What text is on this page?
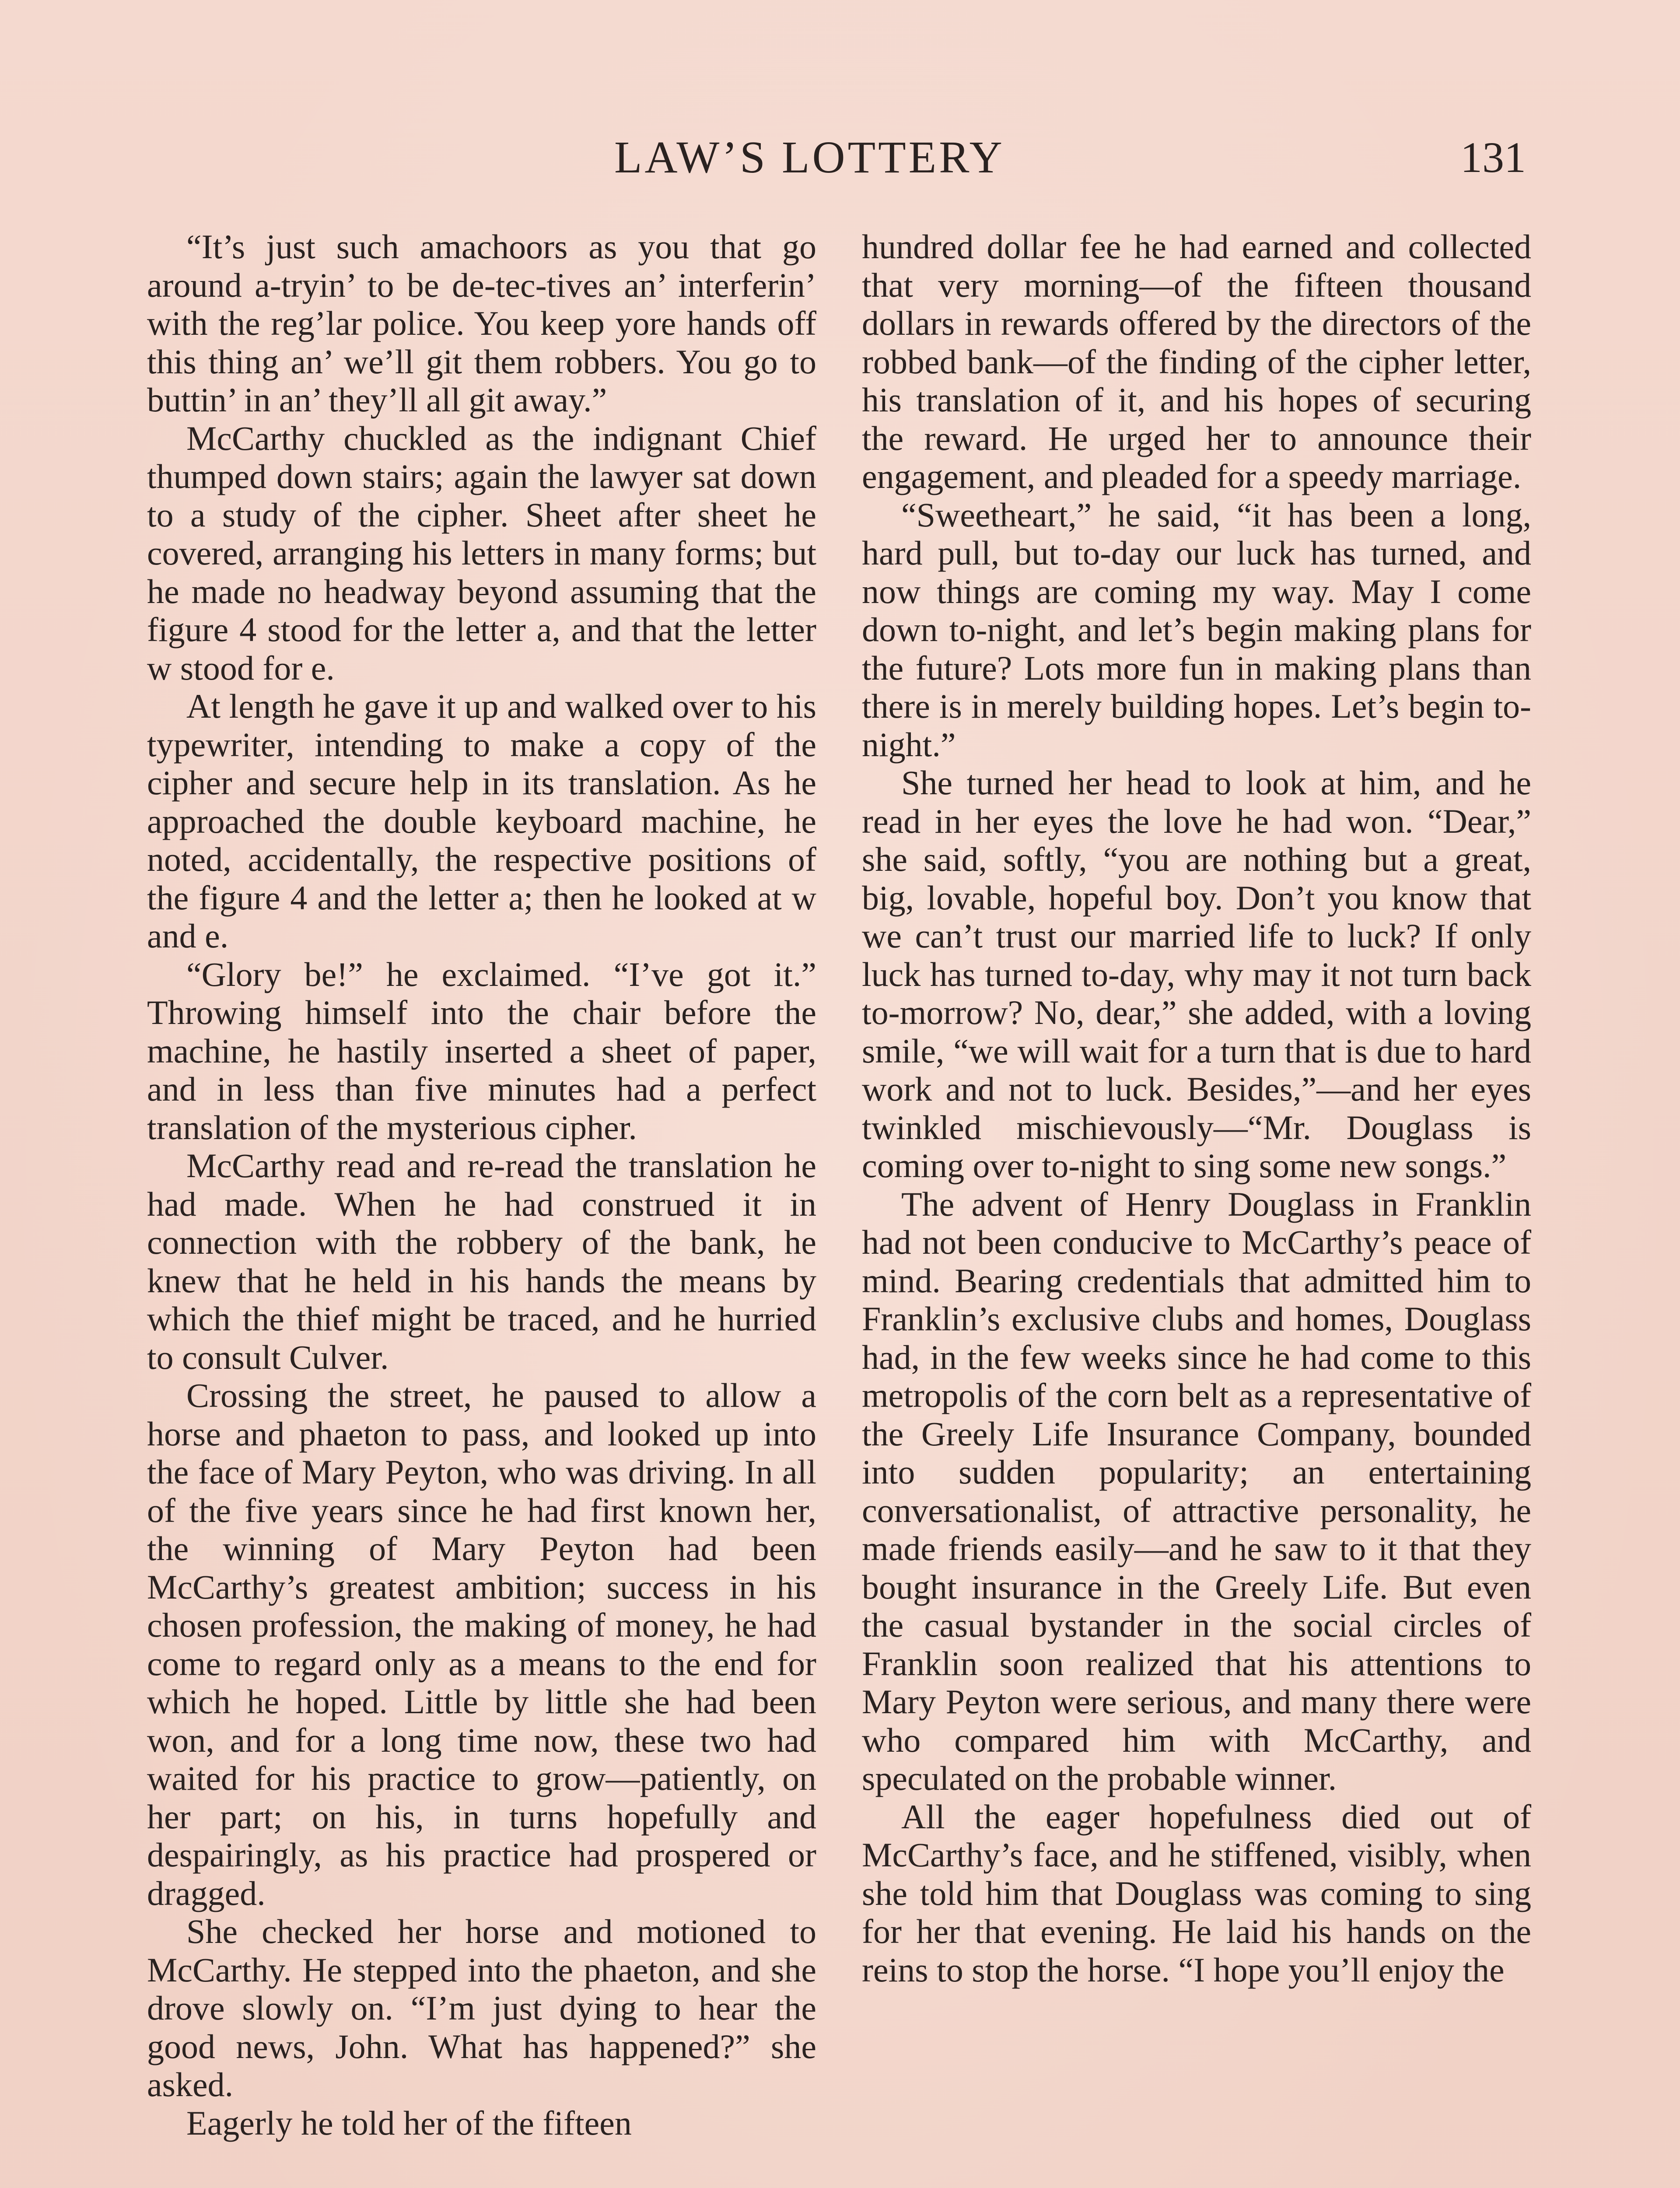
LAW’S LOTTERY	131

“It’s just such amachoors as you that go around a-tryin’ to be de-tec-tives an’ interferin’ with the reg’lar police. You keep yore hands off this thing an’ we’ll git them robbers. You go to buttin’ in an’ they’ll all git away.”

McCarthy chuckled as the indignant Chief thumped down stairs; again the lawyer sat down to a study of the cipher. Sheet after sheet he covered, arranging his letters in many forms; but he made no headway beyond assuming that the figure 4 stood for the letter a, and that the letter w stood for e.

At length he gave it up and walked over to his typewriter, intending to make a copy of the cipher and secure help in its translation. As he approached the double keyboard machine, he noted, accidentally, the respective positions of the figure 4 and the letter a; then he looked at w and e.

“Glory be!” he exclaimed. “I’ve got it.” Throwing himself into the chair before the machine, he hastily inserted a sheet of paper, and in less than five minutes had a perfect translation of the mysterious cipher.

McCarthy read and re-read the translation he had made. When he had construed it in connection with the robbery of the bank, he knew that he held in his hands the means by which the thief might be traced, and he hurried to consult Culver.

Crossing the street, he paused to allow a horse and phaeton to pass, and looked up into the face of Mary Peyton, who was driving. In all of the five years since he had first known her, the winning of Mary Peyton had been McCarthy’s greatest ambition; success in his chosen profession, the making of money, he had come to regard only as a means to the end for which he hoped. Little by little she had been won, and for a long time now, these two had waited for his practice to grow—patiently, on her part; on his, in turns hopefully and despairingly, as his practice had prospered or dragged.

She checked her horse and motioned to McCarthy. He stepped into the phaeton, and she drove slowly on. “I’m just dying to hear the good news, John. What has happened?” she asked.

Eagerly he told her of the fifteen

hundred dollar fee he had earned and collected that very morning—of the fifteen thousand dollars in rewards offered by the directors of the robbed bank—of the finding of the cipher letter, his translation of it, and his hopes of securing the reward. He urged her to announce their engagement, and pleaded for a speedy marriage.

“Sweetheart,” he said, “it has been a long, hard pull, but to-day our luck has turned, and now things are coming my way. May I come down to-night, and let’s begin making plans for the future? Lots more fun in making plans than there is in merely building hopes. Let’s begin to-night.”

She turned her head to look at him, and he read in her eyes the love he had won. “Dear,” she said, softly, “you are nothing but a great, big, lovable, hopeful boy. Don’t you know that we can’t trust our married life to luck? If only luck has turned to-day, why may it not turn back to-morrow? No, dear,” she added, with a loving smile, “we will wait for a turn that is due to hard work and not to luck. Besides,”—and her eyes twinkled mischievously—“Mr. Douglass is coming over to-night to sing some new songs.”

The advent of Henry Douglass in Franklin had not been conducive to McCarthy’s peace of mind. Bearing credentials that admitted him to Franklin’s exclusive clubs and homes, Douglass had, in the few weeks since he had come to this metropolis of the corn belt as a representative of the Greely Life Insurance Company, bounded into sudden popularity; an entertaining conversationalist, of attractive personality, he made friends easily—and he saw to it that they bought insurance in the Greely Life. But even the casual bystander in the social circles of Franklin soon realized that his attentions to Mary Peyton were serious, and many there were who compared him with McCarthy, and speculated on the probable winner.

All the eager hopefulness died out of McCarthy’s face, and he stiffened, visibly, when she told him that Douglass was coming to sing for her that evening. He laid his hands on the reins to stop the horse. “I hope you’ll enjoy the
